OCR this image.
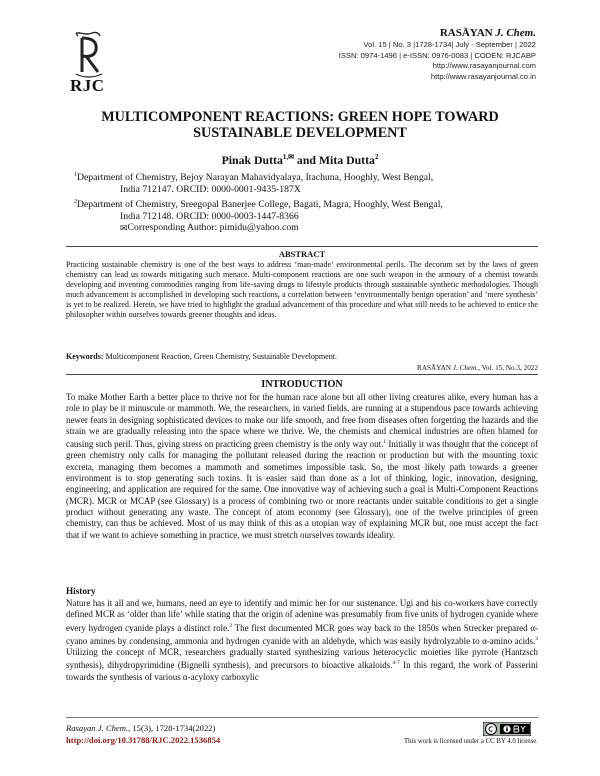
RJC
RASĀYAN J. Chem.
Vol. 15 | No. 3 |1728-1734| July - September | 2022
ISSN: 0974-1496 | e-ISSN: 0976-0083 | CODEN: RJCABP
http://www.rasayanjournal.com
http://www.rasayanjournal.co.in
MULTICOMPONENT REACTIONS: GREEN HOPE TOWARD SUSTAINABLE DEVELOPMENT
Pinak Dutta$^{1,✉}$ and Mita Dutta$^2$
$^1$Department of Chemistry, Bejoy Narayan Mahavidyalaya, Itachuna, Hooghly, West Bengal,
India 712147. ORCID: 0000-0001-9435-187X
$^2$Department of Chemistry, Sreegopal Banerjee College, Bagati, Magra, Hooghly, West Bengal,
India 712148. ORCID: 0000-0003-1447-8366
✉Corresponding Author: pimidu@yahoo.com
ABSTRACT
Practicing sustainable chemistry is one of the best ways to address ‘man-made’ environmental perils. The decorum set by the laws of green chemistry can lead us towards mitigating such menace. Multi-component reactions are one such weapon in the armoury of a chemist towards developing and inventing commodities ranging from life-saving drugs to lifestyle products through sustainable synthetic methodologies. Though much advancement is accomplished in developing such reactions, a correlation between ‘environmentally benign operation’ and ‘mere synthesis’ is yet to be realized. Herein, we have tried to highlight the gradual advancement of this procedure and what still needs to be achieved to entice the philosopher within ourselves towards greener thoughts and ideas.
Keywords: Multicomponent Reaction, Green Chemistry, Sustainable Development.
RASĀYAN J. Chem., Vol. 15, No.3, 2022
INTRODUCTION
To make Mother Earth a better place to thrive not for the human race alone but all other living creatures alike, every human has a role to play be it minuscule or mammoth. We, the researchers, in varied fields, are running at a stupendous pace towards achieving newer feats in designing sophisticated devices to make our life smooth, and free from diseases often forgetting the hazards and the strain we are gradually releasing into the space where we thrive. We, the chemists and chemical industries are often blamed for causing such peril. Thus, giving stress on practicing green chemistry is the only way out.$^1$ Initially it was thought that the concept of green chemistry only calls for managing the pollutant released during the reaction or production but with the mounting toxic excreta, managing them becomes a mammoth and sometimes impossible task. So, the most likely path towards a greener environment is to stop generating such toxins. It is easier said than done as a lot of thinking, logic, innovation, designing, engineering, and application are required for the same. One innovative way of achieving such a goal is Multi-Component Reactions (MCR). MCR or MCAP (see Glossary) is a process of combining two or more reactants under suitable conditions to get a single product without generating any waste. The concept of atom economy (see Glossary), one of the twelve principles of green chemistry, can thus be achieved. Most of us may think of this as a utopian way of explaining MCR but, one must accept the fact that if we want to achieve something in practice, we must stretch ourselves towards ideality.
History
Nature has it all and we, humans, need an eye to identify and mimic her for our sustenance. Ugi and his co-workers have correctly defined MCR as ‘older than life’ while stating that the origin of adenine was presumably from five units of hydrogen cyanide where every hydrogen cyanide plays a distinct role.$^2$ The first documented MCR goes way back to the 1850s when Strecker prepared α-cyano amines by condensing, ammonia and hydrogen cyanide with an aldehyde, which was easily hydrolyzable to α-amino acids.$^3$ Utilizing the concept of MCR, researchers gradually started synthesizing various heterocyclic moieties like pyrrole (Hantzsch synthesis), dihydropyrimidine (Bignelli synthesis), and precursors to bioactive alkaloids.$^{4-7}$ In this regard, the work of Passerini towards the synthesis of various α-acyloxy carboxylic
Rasayan J. Chem., 15(3), 1728-1734(2022)
http://doi.org/10.31788/RJC.2022.1536854	This work is licensed under a CC BY 4.0 license.
